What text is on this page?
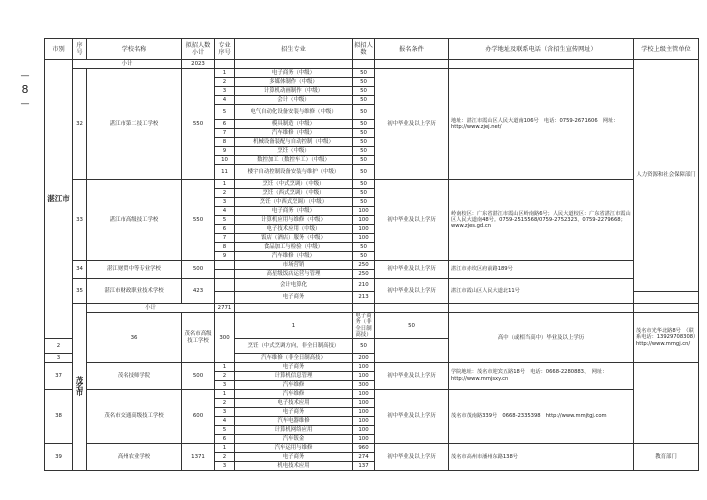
—
8
—
市别	序号	学校名称	拟招人数小计	专业序号	招生专业	拟招人数	报名条件	办学地址及联系电话（含招生宣传网址）	学校上级主管单位	
湛江市	小计		2023						人力资源和社会保障部门	
	32	湛江市第二技工学校	550	1	电子商务（中级）	50	初中毕业及以上学历	地址：湛江市霞山区人民大道南106号　电话：0759-2671606　网址：http://www.zjej.net/		
				2	多媒体制作（中级）	50				
				3	计算机动画制作（中级）	50				
				4	会计（中级）	50				
				5	电气自动化设备安装与维修（中级）	50				
				6	模具制造（中级）	50				
				7	汽车维修（中级）	50				
				8	机械设备装配与自动控制（中级）	50				
				9	烹饪（中级）	50				
				10	数控加工（数控车工）（中级）	50				
				11	楼宇自动控制设备安装与维护（中级）	50				
	33	湛江市高级技工学校	550	1	烹饪（中式烹调）（中级）	50	初中毕业及以上学历	岭南校区：广东省湛江市霞山区岭南路6号；人民大道校区：广东省湛江市霞山区人民大道南48号。0759-2515568/0759-2752323、0759-2279668；www.zjes.gd.cn		
				2	烹饪（西式烹调）（中级）	50				
				3	烹饪（中西式烹调）（中级）	50				
				4	电子商务（中级）	100				
				5	计算机应用与维修（中级）	100				
				6	电子技术应用（中级）	100				
				7	饭店（酒店）服务（中级）	100				
				8	食品加工与检验（中级）	50				
				9	汽车维修（中级）	50				
	34	湛江财贸中等专业学校	500		市场营销	250	初中毕业及以上学历	湛江市赤坎区府前路189号		
					高星级饭店运营与管理	250				
	35	湛江市财政职业技术学校	423		会计电算化	210	初中毕业及以上学历	湛江市霞山区人民大道北11号	
					电子商务	213				
	茂名市	小计		2771						
		36	茂名市高级技工学校	300	1	电子商务（非全日制高技）	50	高中（或相当高中）毕业及以上学历	茂名市光华北路8号　（联系电话：13929708308）　http://www.mmgj.cn/	
2					烹饪（中式烹调方向，非全日制高技）	50				
3					汽车维修（非全日制高技）	200				
37		茂名技师学院	500	1	电子商务	100	初中毕业及以上学历	学院地址：茂名市迎宾五路18号　电话：0668-2280883、　网址：http://www.mmjsxy.cn		
				2	计算机信息管理	100				
				3	汽车维修	300				
38		茂名市交通高级技工学校	600	1	汽车维修	100	初中毕业及以上学历	茂名市茂南路339号　0668-2335398　http://www.mmjtgj.com		
				2	电子技术应用	100				
				3	电子商务	100				
				4	汽车电器维修	100				
				5	计算机网络应用	100				
				6	汽车钣金	100				
39		高州农业学校	1371	1	汽车运用与维修	960	初中毕业及以上学历	茂名市高州市潘州东路138号	教育部门	
				2	电子商务	274				
				3	机电技术应用	137				
